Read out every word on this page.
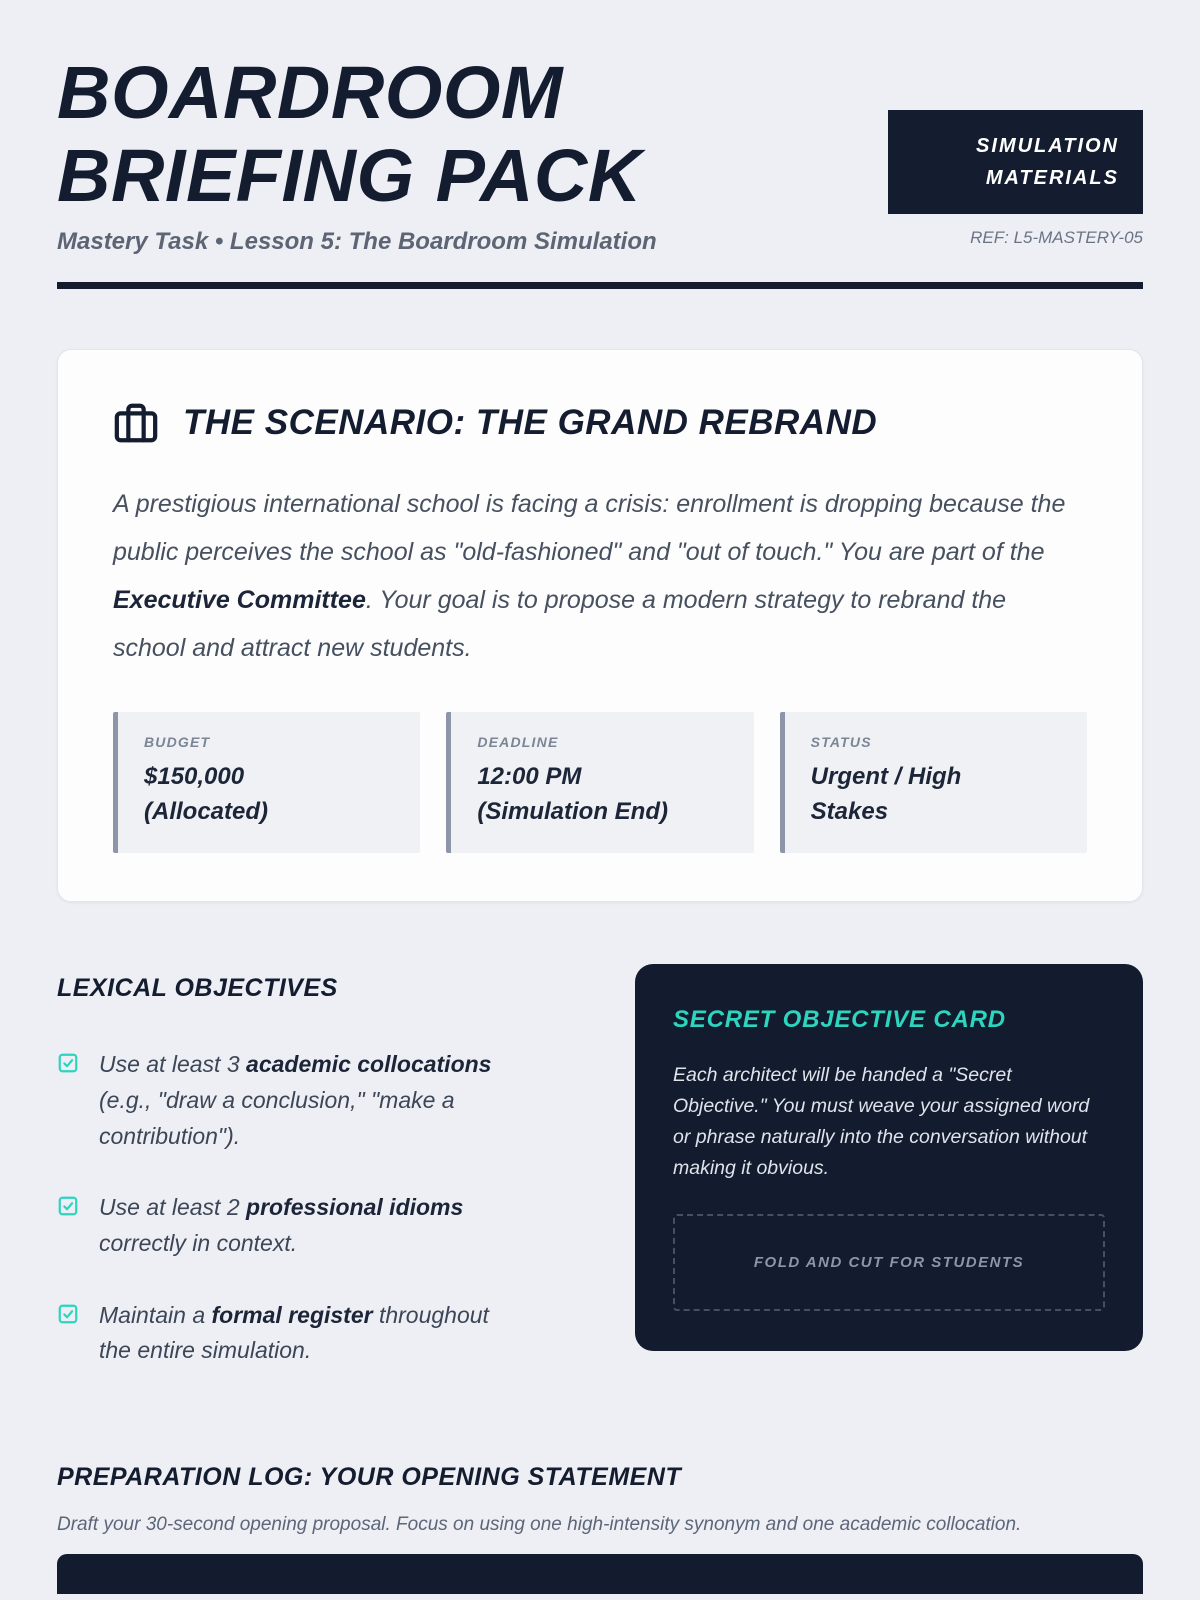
BOARDROOM
BRIEFING PACK
Mastery Task • Lesson 5: The Boardroom Simulation
SIMULATION
MATERIALS
REF: L5-MASTERY-05
THE SCENARIO: THE GRAND REBRAND
A prestigious international school is facing a crisis: enrollment is dropping because the public perceives the school as "old-fashioned" and "out of touch." You are part of the Executive Committee. Your goal is to propose a modern strategy to rebrand the school and attract new students.
BUDGET
$150,000 (Allocated)
DEADLINE
12:00 PM (Simulation End)
STATUS
Urgent / High Stakes
LEXICAL OBJECTIVES
Use at least 3 academic collocations (e.g., "draw a conclusion," "make a contribution").
Use at least 2 professional idioms correctly in context.
Maintain a formal register throughout the entire simulation.
SECRET OBJECTIVE CARD
Each architect will be handed a "Secret Objective." You must weave your assigned word or phrase naturally into the conversation without making it obvious.
FOLD AND CUT FOR STUDENTS
PREPARATION LOG: YOUR OPENING STATEMENT
Draft your 30-second opening proposal. Focus on using one high-intensity synonym and one academic collocation.
